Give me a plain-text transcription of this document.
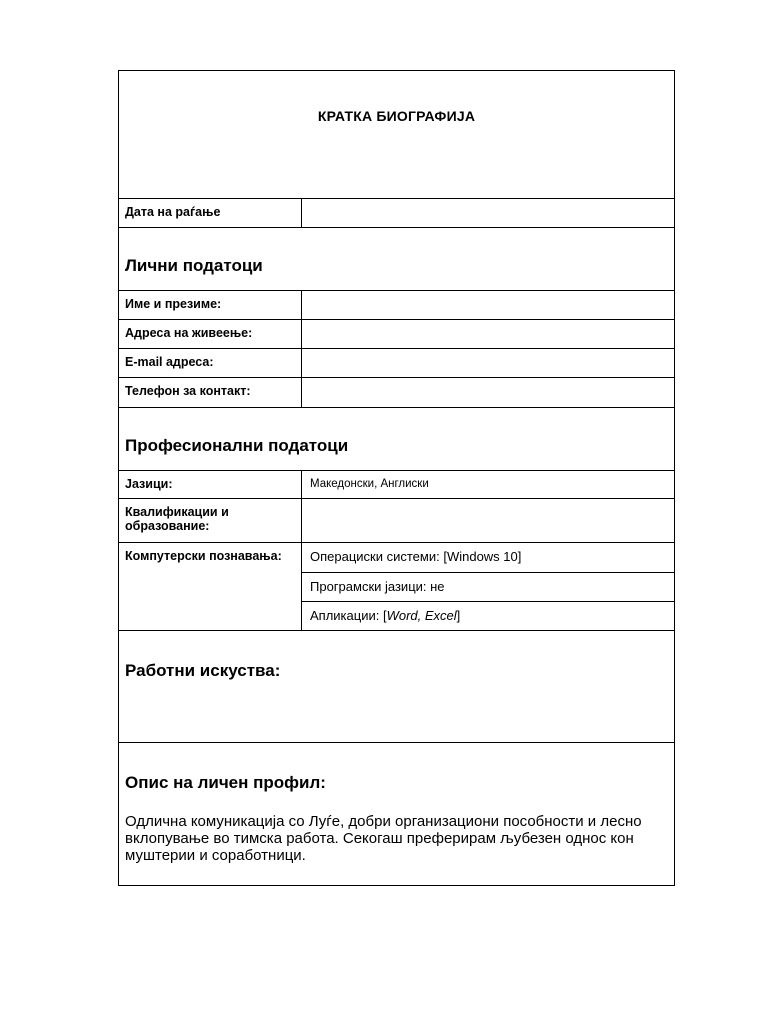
КРАТКА БИОГРАФИЈА
Дата на раѓање
Лични податоци
Име и презиме:
Адреса на живеење:
E-mail адреса:
Телефон за контакт:
Професионални податоци
Јазици:	Македонски, Англиски
Квалификации и образование:
Компутерски познавања:	Операциски системи: [Windows 10]
Програмски јазици: не
Апликации: [Word, Excel]
Работни искуства:
Опис на личен профил:
Одлична комуникација со Луѓе, добри организациони пособности и лесно вклопување во тимска работа. Секогаш преферирам љубезен однос кон муштерии и соработници.
